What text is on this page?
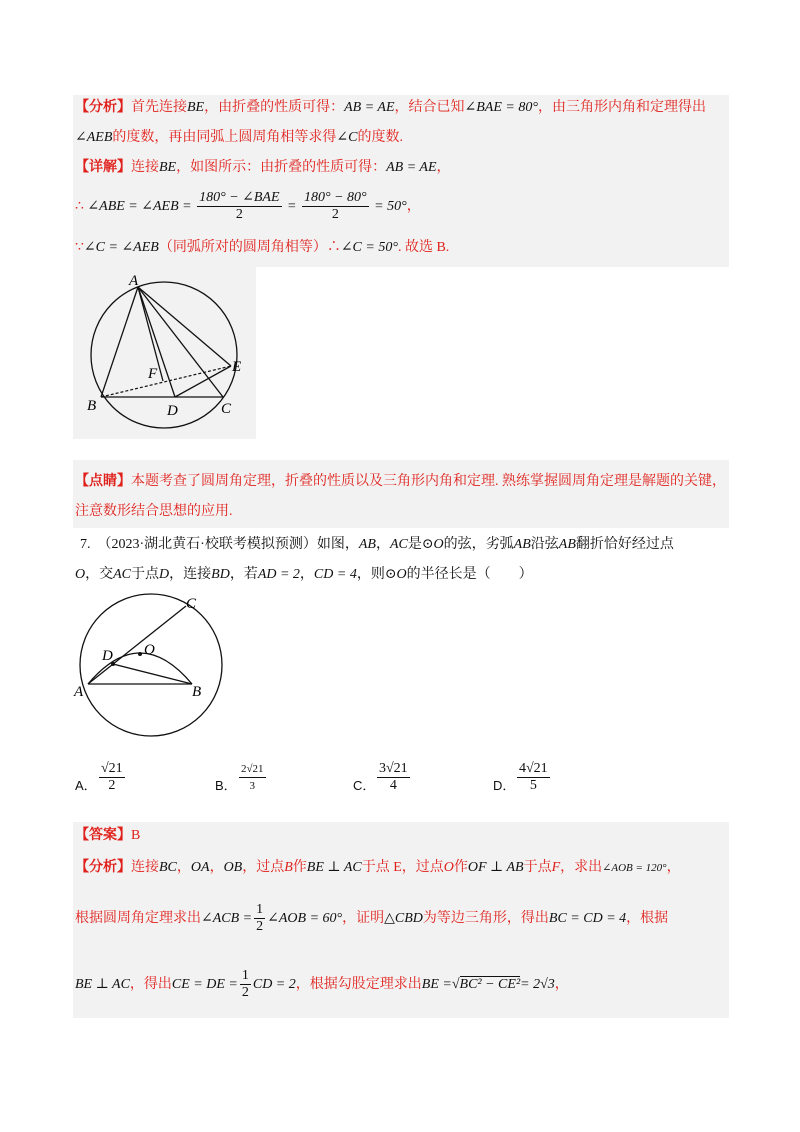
【分析】首先连接BE，由折叠的性质可得：AB = AE，结合已知∠BAE = 80°，由三角形内角和定理得出
∠AEB的度数，再由同弧上圆周角相等求得∠C的度数.
【详解】连接BE，如图所示：由折叠的性质可得：AB = AE，
∴ ∠ABE = ∠AEB = $\frac{\text{180° − ∠BAE}}{2} = \frac{180^\circ - 80^\circ}{2} = 50^\circ$，
∵∠C = ∠AEB（同弧所对的圆周角相等）∴∠C = 50°. 故选 B.
A
B	C
D
E
F
【点睛】本题考查了圆周角定理，折叠的性质以及三角形内角和定理. 熟练掌握圆周角定理是解题的关键，
注意数形结合思想的应用.
7.　 （2023·湖北黄石·校联考模拟预测）如图，AB，AC是⊙O的弦，劣弧AB沿弦AB翻折恰好经过点
O，交AC于点D，连接BD，若AD = 2，CD = 4，则⊙O的半径长是（　　）
A	B
C
D O
A． $\frac{√21}{2}$	B． $\frac{2√21}{3}$	C． $\frac{3√21}{4}$	D． $\frac{4√21}{5}$
【答案】B
【分析】连接BC，OA，OB，过点B作BE ⊥ AC于点 E，过点O作OF ⊥ AB于点F，求出∠AOB = 120°，
根据圆周角定理求出∠ACB = $\frac{1}{2}$ ∠AOB = 60°，证明△CBD为等边三角形，得出BC = CD = 4，根据
BE ⊥ AC，得出CE = DE = $\frac{1}{2}$ CD = 2，根据勾股定理求出BE =√BC² − CE²= 2√3，
